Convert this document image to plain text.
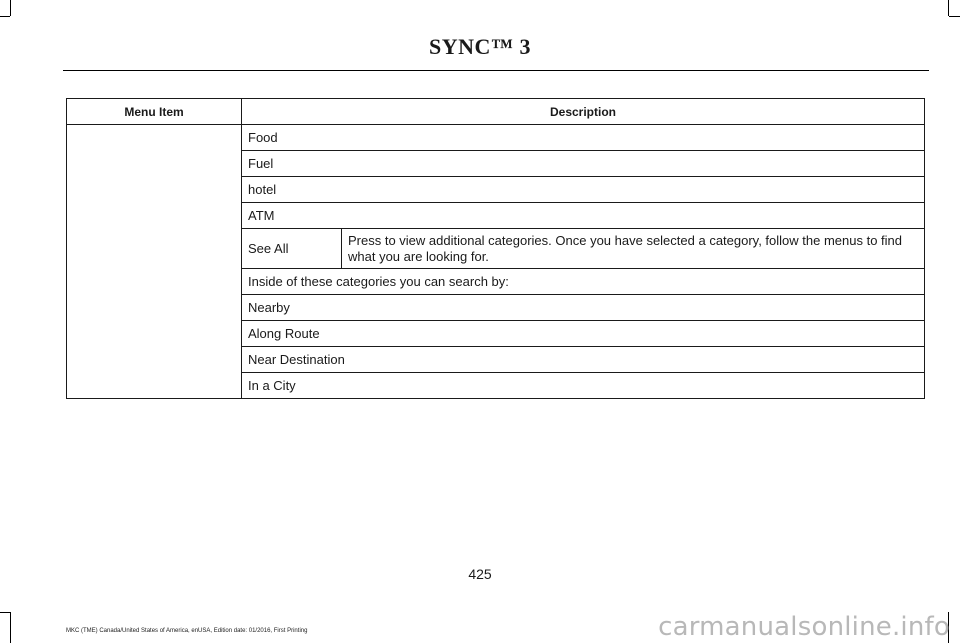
SYNC™ 3
Menu Item	Description
	Food
Fuel
hotel
ATM

See All	Press to view additional categories. Once you have selected a category, follow the menus to find what you are looking for.

Inside of these categories you can search by:
Nearby
Along Route
Near Destination
In a City
425
MKC (TME) Canada/United States of America, enUSA, Edition date: 01/2016, First Printing	carmanualsonline.info
